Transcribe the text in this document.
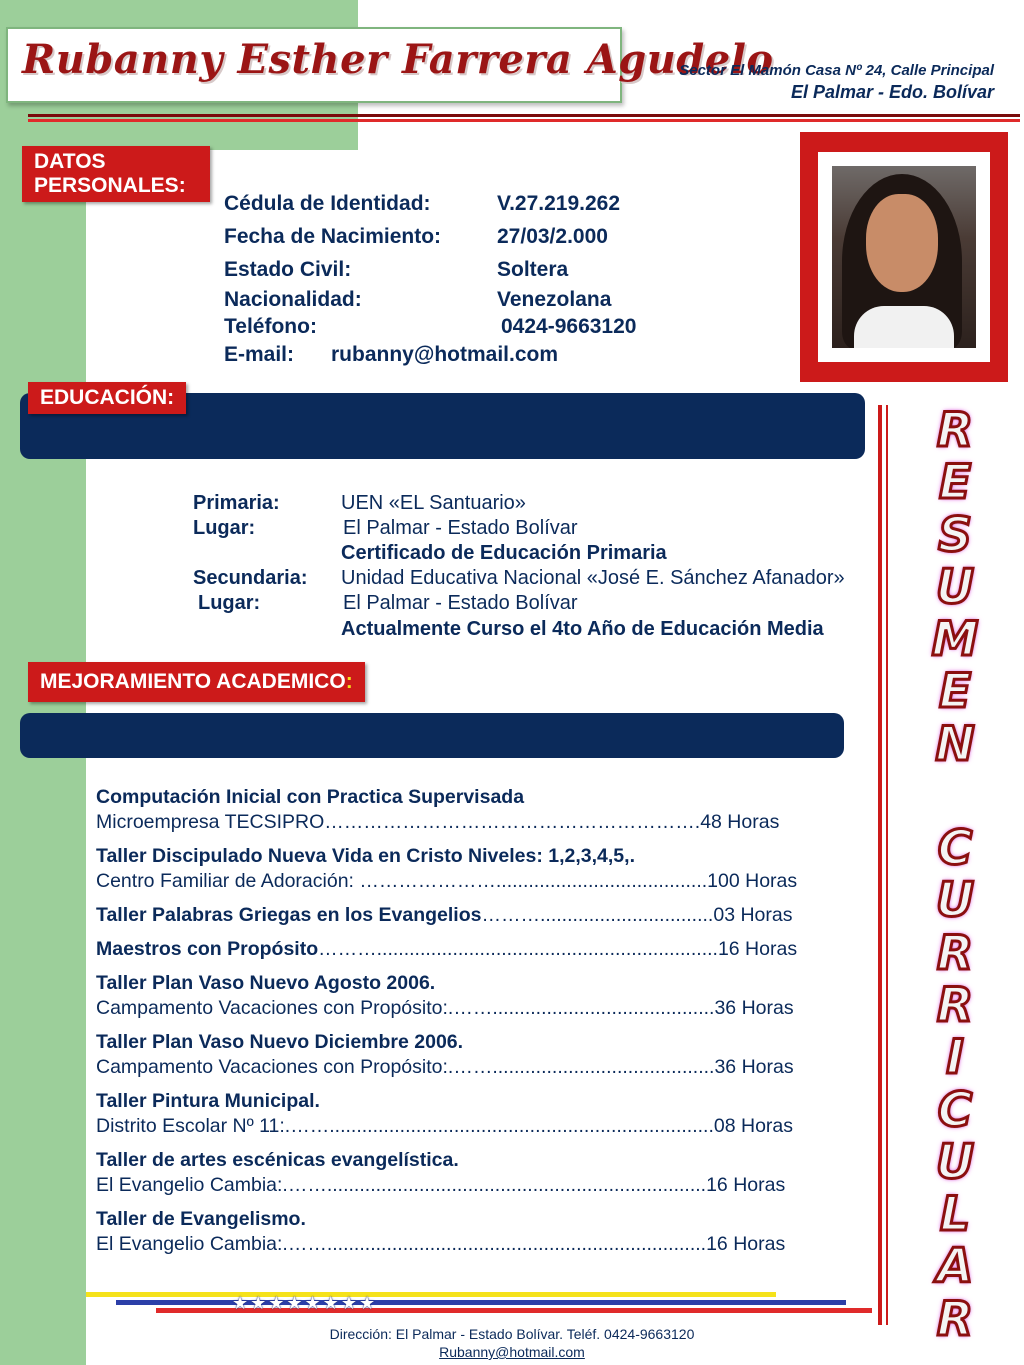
Rubanny Esther Farrera Agudelo
Sector El Mamón Casa Nº 24, Calle Principal
El Palmar - Edo. Bolívar
DATOS
PERSONALES:
Cédula de Identidad:	V.27.219.262
Fecha de Nacimiento:	27/03/2.000
Estado Civil:	Soltera
Nacionalidad:	Venezolana
Teléfono:	0424-9663120
E-mail: rubanny@hotmail.com
EDUCACIÓN:
Primaria:	UEN «EL Santuario»
Lugar:	El Palmar - Estado Bolívar
Certificado de Educación Primaria
Secundaria: Unidad Educativa Nacional «José E. Sánchez Afanador»
Lugar:	El Palmar - Estado Bolívar
Actualmente Curso el 4to Año de Educación Media
MEJORAMIENTO ACADEMICO:
Computación Inicial con Practica Supervisada
Microempresa TECSIPRO………………………………………………….48 Horas
Taller Discipulado Nueva Vida en Cristo Niveles: 1,2,3,4,5,.
Centro Familiar de Adoración: ………………….......................................100 Horas
Taller Palabras Griegas en los Evangelios………................................03 Horas
Maestros con Propósito………...............................................................16 Horas
Taller Plan Vaso Nuevo Agosto 2006.
Campamento Vacaciones con Propósito:.…….........................................36 Horas
Taller Plan Vaso Nuevo Diciembre 2006.
Campamento Vacaciones con Propósito:.…….........................................36 Horas
Taller Pintura Municipal.
Distrito Escolar Nº 11:.…….......................................................................08 Horas
Taller de artes escénicas evangelística.
El Evangelio Cambia:.……......................................................................16 Horas
Taller de Evangelismo.
El Evangelio Cambia:.……......................................................................16 Horas
R
E
S
U
M
E
N
C
U
R
R
I
C
U
L
A
R
★★★★★★★★
Dirección: El Palmar - Estado Bolívar. Teléf. 0424-9663120
Rubanny@hotmail.com
